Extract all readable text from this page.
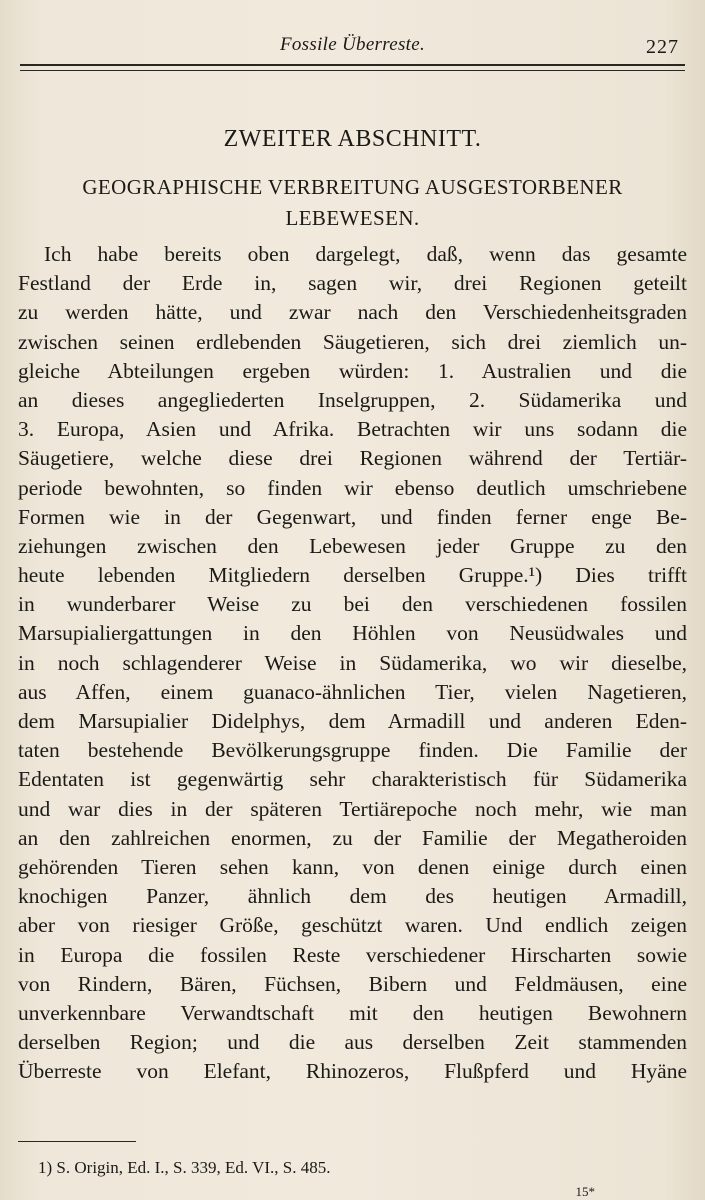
Fossile Überreste.	227
ZWEITER ABSCHNITT.
GEOGRAPHISCHE VERBREITUNG AUSGESTORBENER
LEBEWESEN.
Ich habe bereits oben dargelegt, daß, wenn das gesamte
Festland der Erde in, sagen wir, drei Regionen geteilt
zu werden hätte, und zwar nach den Verschiedenheitsgraden
zwischen seinen erdlebenden Säugetieren, sich drei ziemlich un-
gleiche Abteilungen ergeben würden: 1. Australien und die
an dieses angegliederten Inselgruppen, 2. Südamerika und
3. Europa, Asien und Afrika. Betrachten wir uns sodann die
Säugetiere, welche diese drei Regionen während der Tertiär-
periode bewohnten, so finden wir ebenso deutlich umschriebene
Formen wie in der Gegenwart, und finden ferner enge Be-
ziehungen zwischen den Lebewesen jeder Gruppe zu den
heute lebenden Mitgliedern derselben Gruppe.¹) Dies trifft
in wunderbarer Weise zu bei den verschiedenen fossilen
Marsupialiergattungen in den Höhlen von Neusüdwales und
in noch schlagenderer Weise in Südamerika, wo wir dieselbe,
aus Affen, einem guanaco-ähnlichen Tier, vielen Nagetieren,
dem Marsupialier Didelphys, dem Armadill und anderen Eden-
taten bestehende Bevölkerungsgruppe finden. Die Familie der
Edentaten ist gegenwärtig sehr charakteristisch für Südamerika
und war dies in der späteren Tertiärepoche noch mehr, wie man
an den zahlreichen enormen, zu der Familie der Megatheroiden
gehörenden Tieren sehen kann, von denen einige durch einen
knochigen Panzer, ähnlich dem des heutigen Armadill,
aber von riesiger Größe, geschützt waren. Und endlich zeigen
in Europa die fossilen Reste verschiedener Hirscharten sowie
von Rindern, Bären, Füchsen, Bibern und Feldmäusen, eine
unverkennbare Verwandtschaft mit den heutigen Bewohnern
derselben Region; und die aus derselben Zeit stammenden
Überreste von Elefant, Rhinozeros, Flußpferd und Hyäne
1) S. Origin, Ed. I., S. 339, Ed. VI., S. 485.
15*
